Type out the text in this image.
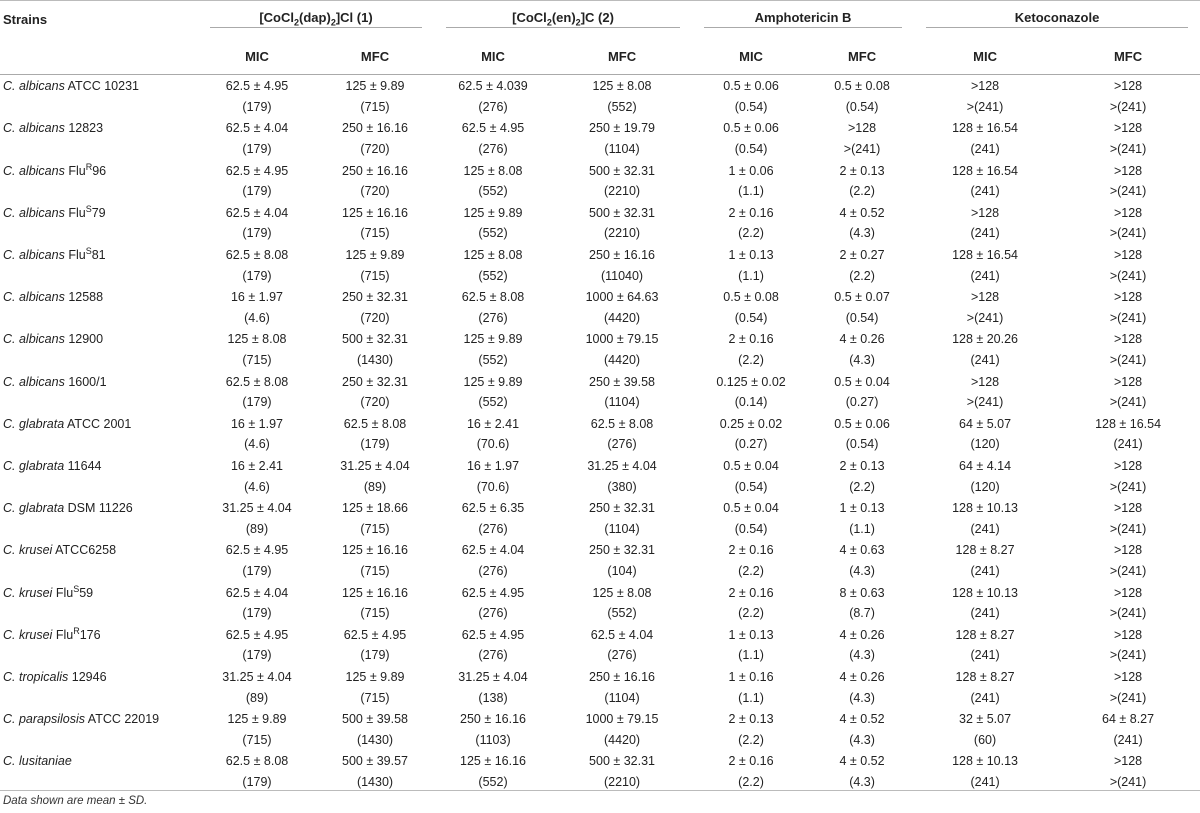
Strains	$[CoCl_2(dap)_2]Cl$ (1)		$[CoCl_2(en)_2]C$ (2)		Amphotericin B		Ketoconazole	

	MIC	MFC	MIC	MFC	MIC	MFC	MIC	MFC
C. albicans ATCC 10231	62.5 ± 4.95	125 ± 9.89	62.5 ± 4.039	125 ± 8.08	0.5 ± 0.06	0.5 ± 0.08	>128	>128
	(179)	(715)	(276)	(552)	(0.54)	(0.54)	>(241)	>(241)
C. albicans 12823	62.5 ± 4.04	250 ± 16.16	62.5 ± 4.95	250 ± 19.79	0.5 ± 0.06	>128	128 ± 16.54	>128
	(179)	(720)	(276)	(1104)	(0.54)	>(241)	(241)	>(241)
C. albicans Flu$^R$96	62.5 ± 4.95	250 ± 16.16	125 ± 8.08	500 ± 32.31	1 ± 0.06	2 ± 0.13	128 ± 16.54	>128
	(179)	(720)	(552)	(2210)	(1.1)	(2.2)	(241)	>(241)
C. albicans Flu$^S$79	62.5 ± 4.04	125 ± 16.16	125 ± 9.89	500 ± 32.31	2 ± 0.16	4 ± 0.52	>128	>128
	(179)	(715)	(552)	(2210)	(2.2)	(4.3)	(241)	>(241)
C. albicans Flu$^S$81	62.5 ± 8.08	125 ± 9.89	125 ± 8.08	250 ± 16.16	1 ± 0.13	2 ± 0.27	128 ± 16.54	>128
	(179)	(715)	(552)	(11040)	(1.1)	(2.2)	(241)	>(241)
C. albicans 12588	16 ± 1.97	250 ± 32.31	62.5 ± 8.08	1000 ± 64.63	0.5 ± 0.08	0.5 ± 0.07	>128	>128
	(4.6)	(720)	(276)	(4420)	(0.54)	(0.54)	>(241)	>(241)
C. albicans 12900	125 ± 8.08	500 ± 32.31	125 ± 9.89	1000 ± 79.15	2 ± 0.16	4 ± 0.26	128 ± 20.26	>128
	(715)	(1430)	(552)	(4420)	(2.2)	(4.3)	(241)	>(241)
C. albicans 1600/1	62.5 ± 8.08	250 ± 32.31	125 ± 9.89	250 ± 39.58	0.125 ± 0.02	0.5 ± 0.04	>128	>128
	(179)	(720)	(552)	(1104)	(0.14)	(0.27)	>(241)	>(241)
C. glabrata ATCC 2001	16 ± 1.97	62.5 ± 8.08	16 ± 2.41	62.5 ± 8.08	0.25 ± 0.02	0.5 ± 0.06	64 ± 5.07	128 ± 16.54
	(4.6)	(179)	(70.6)	(276)	(0.27)	(0.54)	(120)	(241)
C. glabrata 11644	16 ± 2.41	31.25 ± 4.04	16 ± 1.97	31.25 ± 4.04	0.5 ± 0.04	2 ± 0.13	64 ± 4.14	>128
	(4.6)	(89)	(70.6)	(380)	(0.54)	(2.2)	(120)	>(241)
C. glabrata DSM 11226	31.25 ± 4.04	125 ± 18.66	62.5 ± 6.35	250 ± 32.31	0.5 ± 0.04	1 ± 0.13	128 ± 10.13	>128
	(89)	(715)	(276)	(1104)	(0.54)	(1.1)	(241)	>(241)
C. krusei ATCC6258	62.5 ± 4.95	125 ± 16.16	62.5 ± 4.04	250 ± 32.31	2 ± 0.16	4 ± 0.63	128 ± 8.27	>128
	(179)	(715)	(276)	(104)	(2.2)	(4.3)	(241)	>(241)
C. krusei Flu$^S$59	62.5 ± 4.04	125 ± 16.16	62.5 ± 4.95	125 ± 8.08	2 ± 0.16	8 ± 0.63	128 ± 10.13	>128
	(179)	(715)	(276)	(552)	(2.2)	(8.7)	(241)	>(241)
C. krusei Flu$^R$176	62.5 ± 4.95	62.5 ± 4.95	62.5 ± 4.95	62.5 ± 4.04	1 ± 0.13	4 ± 0.26	128 ± 8.27	>128
	(179)	(179)	(276)	(276)	(1.1)	(4.3)	(241)	>(241)
C. tropicalis 12946	31.25 ± 4.04	125 ± 9.89	31.25 ± 4.04	250 ± 16.16	1 ± 0.16	4 ± 0.26	128 ± 8.27	>128
	(89)	(715)	(138)	(1104)	(1.1)	(4.3)	(241)	>(241)
C. parapsilosis ATCC 22019	125 ± 9.89	500 ± 39.58	250 ± 16.16	1000 ± 79.15	2 ± 0.13	4 ± 0.52	32 ± 5.07	64 ± 8.27
	(715)	(1430)	(1103)	(4420)	(2.2)	(4.3)	(60)	(241)
C. lusitaniae	62.5 ± 8.08	500 ± 39.57	125 ± 16.16	500 ± 32.31	2 ± 0.16	4 ± 0.52	128 ± 10.13	>128
	(179)	(1430)	(552)	(2210)	(2.2)	(4.3)	(241)	>(241)
Data shown are mean ± SD.
